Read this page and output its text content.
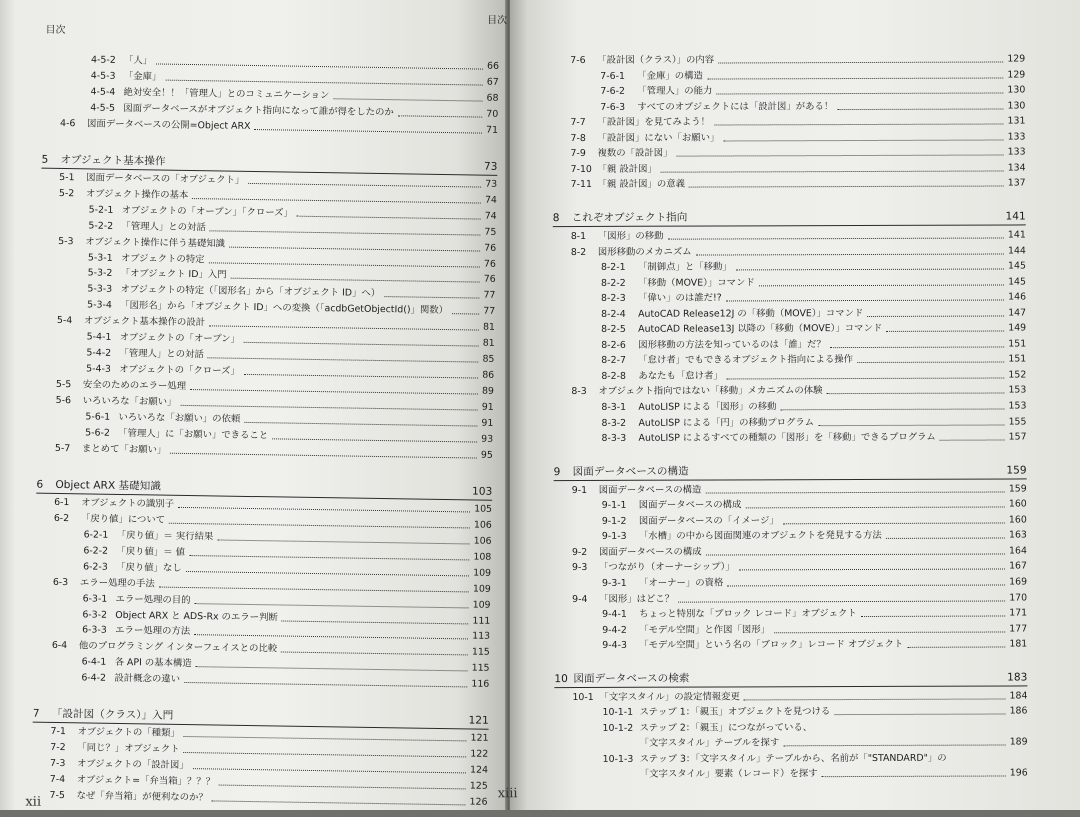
目次
xii
4-5-2 「人」	66
4-5-3 「金庫」	67
4-5-4 絶対安全！！「管理人」とのコミュニケーション	68
4-5-5 図面データベースがオブジェクト指向になって誰が得をしたのか	70
4-6	図面データベースの公開=Object ARX	71
5	オブジェクト基本操作	73
5-1	図面データベースの「オブジェクト」	73
5-2	オブジェクト操作の基本	74
5-2-1 オブジェクトの「オープン」「クローズ」	74
5-2-2 「管理人」との対話	75
5-3	オブジェクト操作に伴う基礎知識	76
5-3-1 オブジェクトの特定	76
5-3-2 「オブジェクト ID」入門	76
5-3-3 オブジェクトの特定（「図形名」から「オブジェクト ID」へ）	77
5-3-4 「図形名」から「オブジェクト ID」への変換（「acdbGetObjectId()」関数）	77
5-4	オブジェクト基本操作の設計	81
5-4-1 オブジェクトの「オープン」	81
5-4-2 「管理人」との対話	85
5-4-3 オブジェクトの「クローズ」	86
5-5	安全のためのエラー処理	89
5-6	いろいろな「お願い」	91
5-6-1 いろいろな「お願い」の依頼	91
5-6-2 「管理人」に「お願い」できること	93
5-7	まとめて「お願い」	95
6	Object ARX 基礎知識	103
6-1	オブジェクトの識別子	105
6-2	「戻り値」について	106
6-2-1 「戻り値」＝ 実行結果	106
6-2-2 「戻り値」＝ 値	108
6-2-3 「戻り値」なし	109
6-3	エラー処理の手法	109
6-3-1 エラー処理の目的	109
6-3-2 Object ARX と ADS-Rx のエラー判断	111
6-3-3 エラー処理の方法	113
6-4	他のプログラミング インターフェイスとの比較	115
6-4-1 各 API の基本構造	115
6-4-2 設計概念の違い	116
7	「設計図（クラス）」入門	121
7-1	オブジェクトの「種類」	121
7-2	「同じ？」オブジェクト	122
7-3	オブジェクトの「設計図」	124
7-4	オブジェクト=「弁当箱」？？？	125
7-5	なぜ「弁当箱」が便利なのか？	126
目次
xiii
7-6	「設計図（クラス）」の内容	129
7-6-1	「金庫」の構造	129
7-6-2	「管理人」の能力	130
7-6-3	すべてのオブジェクトには「設計図」がある！	130
7-7	「設計図」を見てみよう！	131
7-8	「設計図」にない「お願い」	133
7-9	複数の「設計図」	133
7-10 「親 設計図」	134
7-11 「親 設計図」の意義	137
8	これぞオブジェクト指向	141
8-1	「図形」の移動	141
8-2	図形移動のメカニズム	144
8-2-1	「制御点」と「移動」	145
8-2-2	「移動（MOVE）」コマンド	145
8-2-3	「偉い」のは誰だ!?	146
8-2-4	AutoCAD Release12J の「移動（MOVE）」コマンド	147
8-2-5	AutoCAD Release13J 以降の「移動（MOVE）」コマンド	149
8-2-6	図形移動の方法を知っているのは「誰」だ？	151
8-2-7	「怠け者」でもできるオブジェクト指向による操作	151
8-2-8	あなたも「怠け者」	152
8-3	オブジェクト指向ではない「移動」メカニズムの体験	153
8-3-1	AutoLISP による「図形」の移動	153
8-3-2	AutoLISP による「円」の移動プログラム	155
8-3-3	AutoLISP によるすべての種類の「図形」を「移動」できるプログラム	157
9	図面データベースの構造	159
9-1	図面データベースの構造	159
9-1-1	図面データベースの構成	160
9-1-2	図面データベースの「イメージ」	160
9-1-3	「水槽」の中から図面関連のオブジェクトを発見する方法	163
9-2	図面データベースの構成	164
9-3	「つながり（オーナーシップ）」	167
9-3-1	「オーナー」の資格	169
9-4	「図形」はどこ？	170
9-4-1	ちょっと特別な「ブロック レコード」オブジェクト	171
9-4-2	「モデル空間」と作図「図形」	177
9-4-3	「モデル空間」という名の「ブロック」レコード オブジェクト	181
10 図面データベースの検索	183
10-1 「文字スタイル」の設定情報変更	184
10-1-1 ステップ 1：「親玉」オブジェクトを見つける	186
10-1-2 ステップ 2：「親玉」につながっている、
「文字スタイル」テーブルを探す	189
10-1-3 ステップ 3：「文字スタイル」テーブルから、名前が「"STANDARD"」の
「文字スタイル」要素（レコード）を探す	196
